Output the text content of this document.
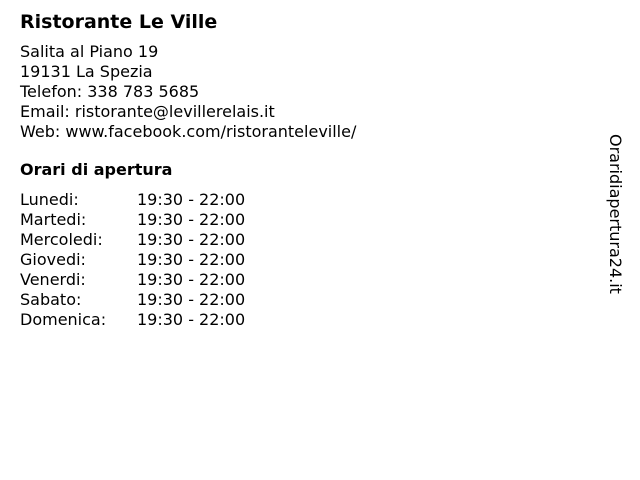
Ristorante Le Ville
Salita al Piano 19
19131 La Spezia
Telefon: 338 783 5685
Email: ristorante@levillerelais.it
Web: www.facebook.com/ristoranteleville/
Orari di apertura
Lunedi:	19:30 - 22:00
Martedi:	19:30 - 22:00
Mercoledi:	19:30 - 22:00
Giovedi:	19:30 - 22:00
Venerdi:	19:30 - 22:00
Sabato:	19:30 - 22:00
Domenica:	19:30 - 22:00
Oraridiapertura24.it
